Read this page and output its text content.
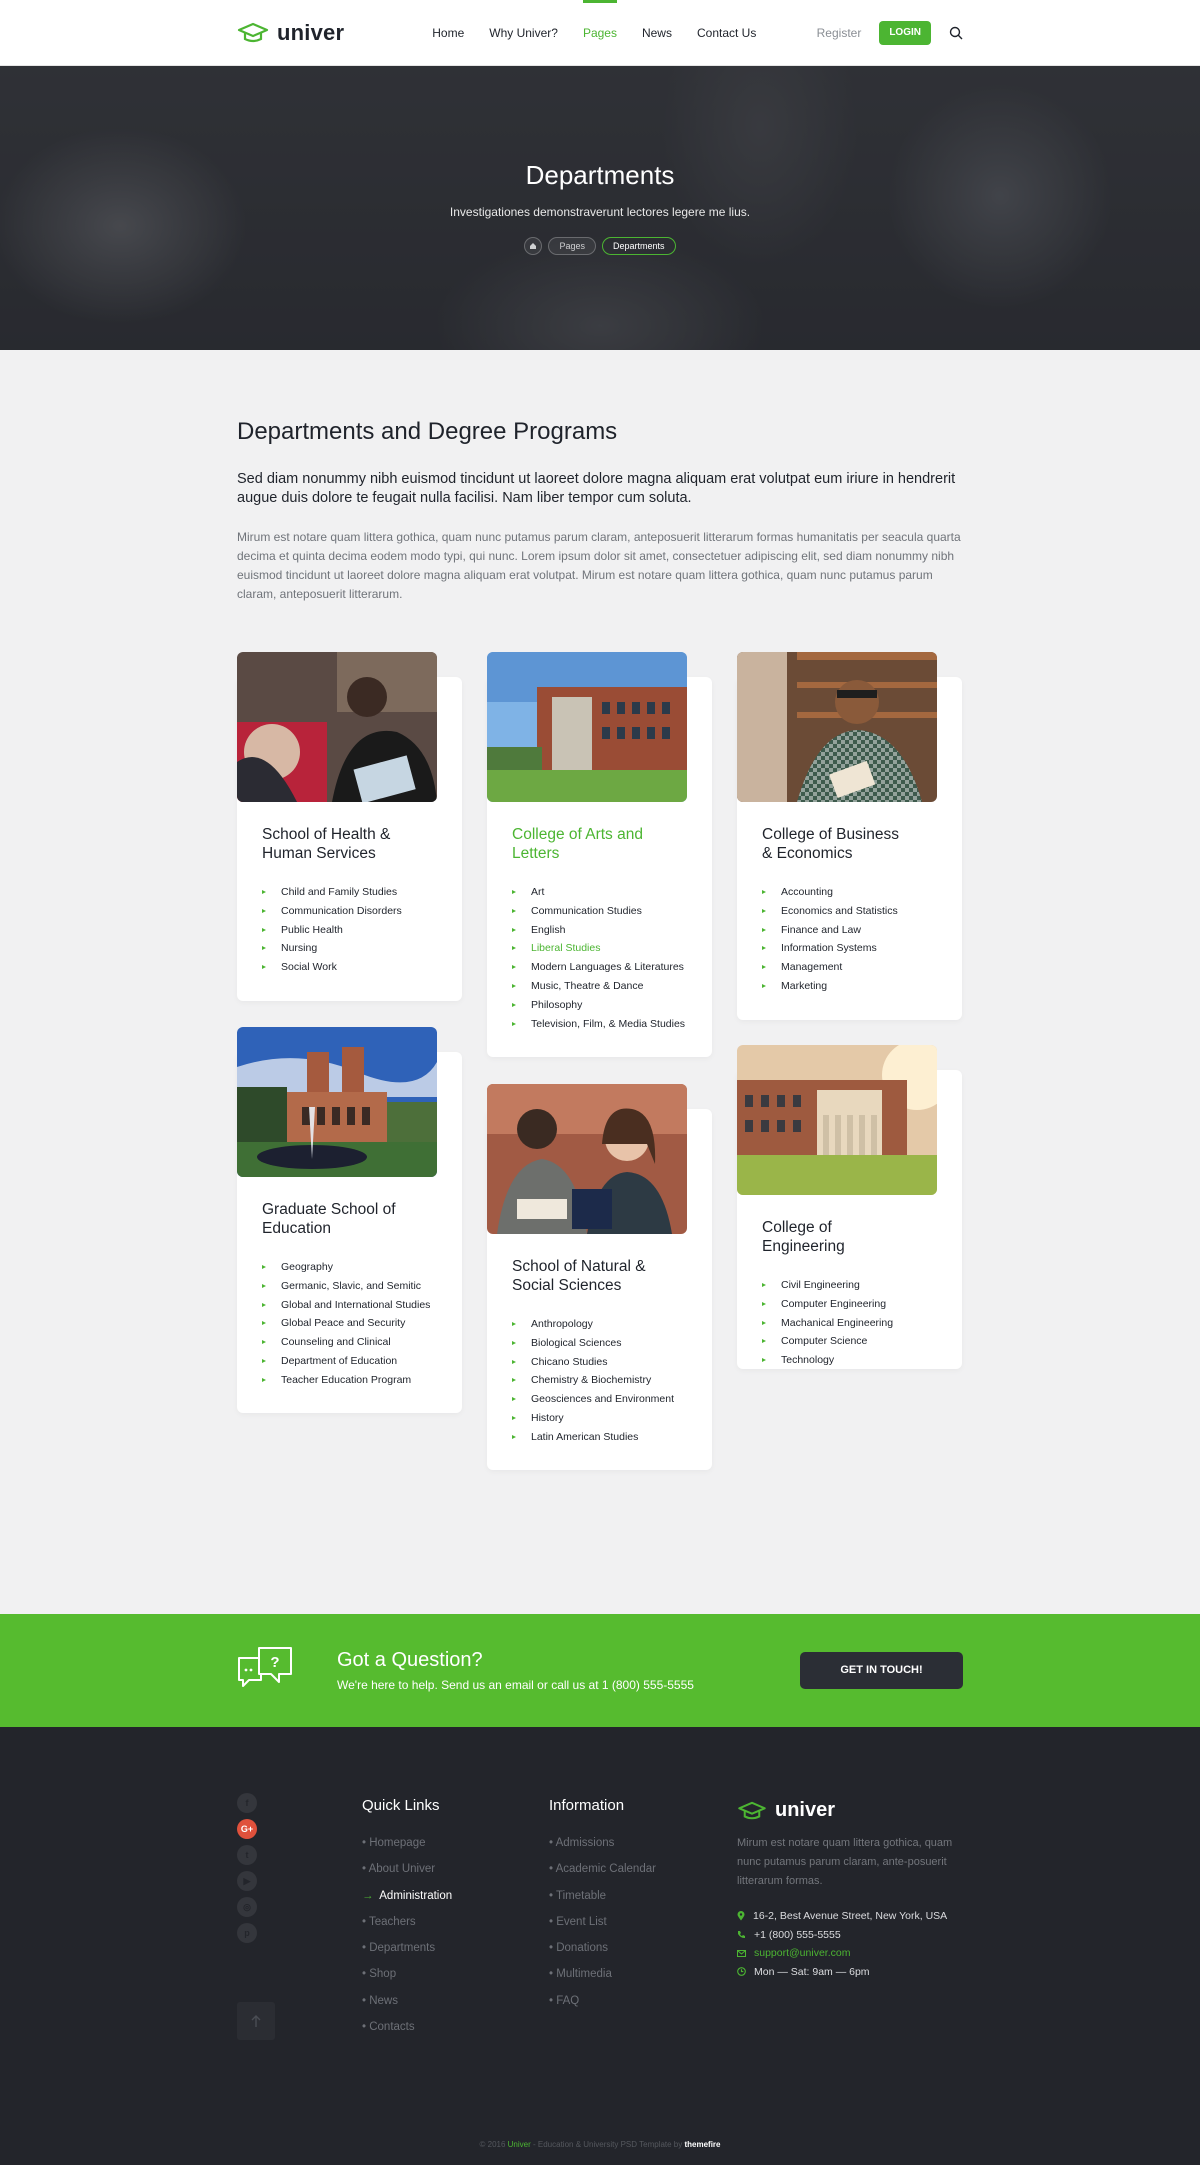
univer	Home Why Univer? Pages News Contact Us	Register	LOGIN
Departments
Investigationes demonstraverunt lectores legere me lius.
Pages	Departments
Departments and Degree Programs

Sed diam nonummy nibh euismod tincidunt ut laoreet dolore magna aliquam erat volutpat eum iriure in hendrerit augue duis dolore te feugait nulla facilisi. Nam liber tempor cum soluta.

Mirum est notare quam littera gothica, quam nunc putamus parum claram, anteposuerit litterarum formas humanitatis per seacula quarta decima et quinta decima eodem modo typi, qui nunc. Lorem ipsum dolor sit amet, consectetuer adipiscing elit, sed diam nonummy nibh euismod tincidunt ut laoreet dolore magna aliquam erat volutpat. Mirum est notare quam littera gothica, quam nunc putamus parum claram, anteposuerit litterarum.

School of Health & Human Services
Child and Family Studies
Communication Disorders
Public Health
Nursing
Social Work
College of Arts and Letters
Art
Communication Studies
English
Liberal Studies
Modern Languages & Literatures
Music, Theatre & Dance
Philosophy
Television, Film, & Media Studies
College of Business & Economics
Accounting
Economics and Statistics
Finance and Law
Information Systems
Management
Marketing
Graduate School of Education
Geography
Germanic, Slavic, and Semitic
Global and International Studies
Global Peace and Security
Counseling and Clinical
Department of Education
Teacher Education Program
School of Natural & Social Sciences
Anthropology
Biological Sciences
Chicano Studies
Chemistry & Biochemistry
Geosciences and Environment
History
Latin American Studies
College of Engineering
Civil Engineering
Computer Engineering
Machanical Engineering
Computer Science
Technology
?	Got a Question?

We're here to help. Send us an email or call us at 1 (800) 555-5555

GET IN TOUCH!
f
G+
t
▶
◎
p
Quick Links
• Homepage
• About Univer
→ Administration
• Teachers
• Departments
• Shop
• News
• Contacts
Information
• Admissions
• Academic Calendar
• Timetable
• Event List
• Donations
• Multimedia
• FAQ
univer

Mirum est notare quam littera gothica, quam nunc putamus parum claram, ante-posuerit litterarum formas.

16-2, Best Avenue Street, New York, USA
+1 (800) 555-5555
support@univer.com
Mon — Sat: 9am — 6pm
© 2016 Univer - Education & University PSD Template by themefire
